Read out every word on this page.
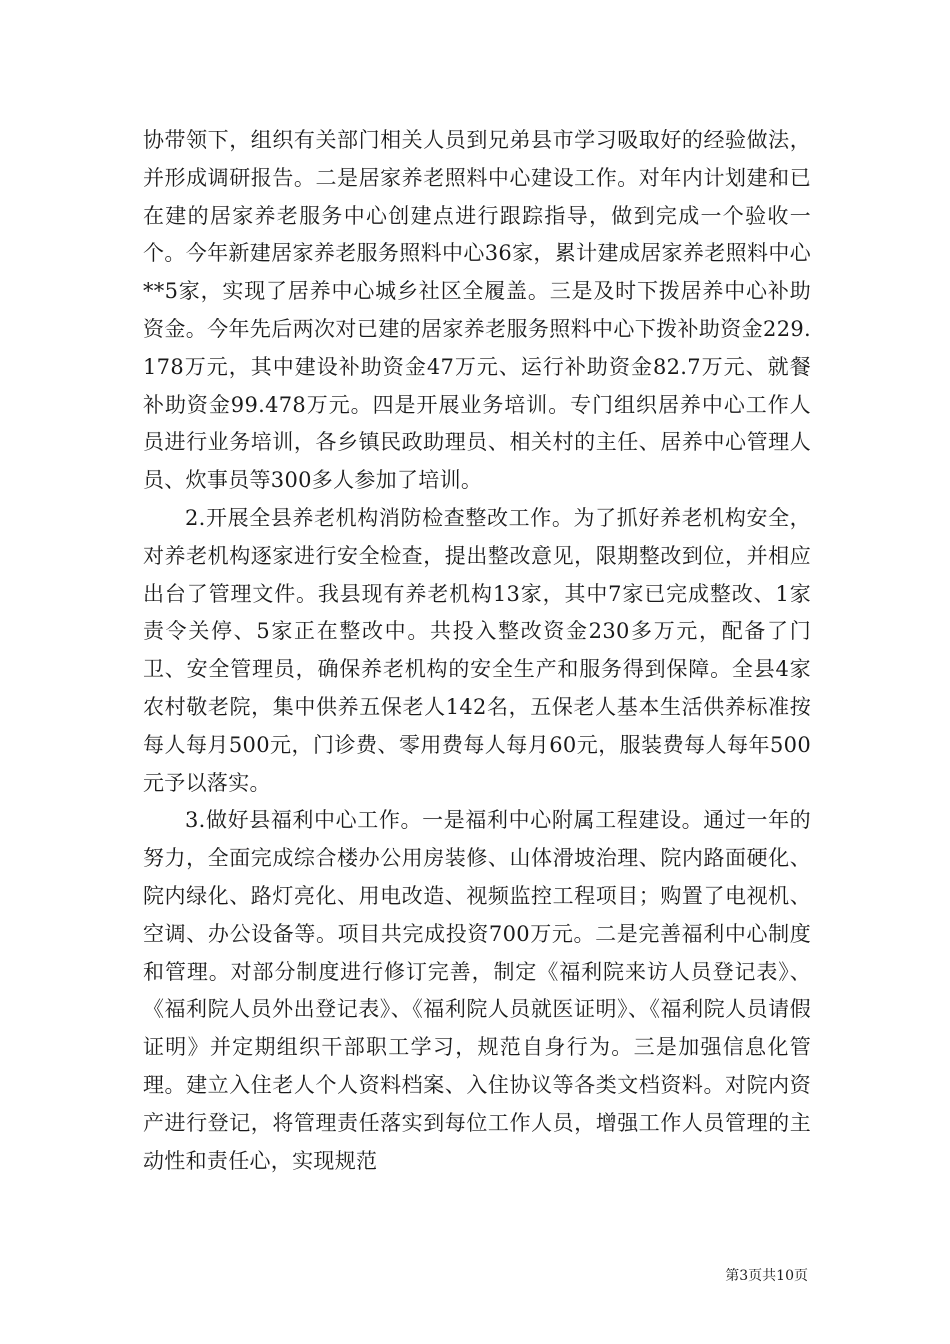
协带领下，组织有关部门相关人员到兄弟县市学习吸取好的经验做法，并形成调研报告。二是居家养老照料中心建设工作。对年内计划建和已在建的居家养老服务中心创建点进行跟踪指导，做到完成一个验收一个。今年新建居家养老服务照料中心36家，累计建成居家养老照料中心**5家，实现了居养中心城乡社区全履盖。三是及时下拨居养中心补助资金。今年先后两次对已建的居家养老服务照料中心下拨补助资金229.178万元，其中建设补助资金47万元、运行补助资金82.7万元、就餐补助资金99.478万元。四是开展业务培训。专门组织居养中心工作人员进行业务培训，各乡镇民政助理员、相关村的主任、居养中心管理人员、炊事员等300多人参加了培训。

2.开展全县养老机构消防检查整改工作。为了抓好养老机构安全，对养老机构逐家进行安全检查，提出整改意见，限期整改到位，并相应出台了管理文件。我县现有养老机构13家，其中7家已完成整改、1家责令关停、5家正在整改中。共投入整改资金230多万元，配备了门卫、安全管理员，确保养老机构的安全生产和服务得到保障。全县4家农村敬老院，集中供养五保老人142名，五保老人基本生活供养标准按每人每月500元，门诊费、零用费每人每月60元，服装费每人每年500元予以落实。

3.做好县福利中心工作。一是福利中心附属工程建设。通过一年的努力，全面完成综合楼办公用房装修、山体滑坡治理、院内路面硬化、院内绿化、路灯亮化、用电改造、视频监控工程项目；购置了电视机、空调、办公设备等。项目共完成投资700万元。二是完善福利中心制度和管理。对部分制度进行修订完善，制定《福利院来访人员登记表》、《福利院人员外出登记表》、《福利院人员就医证明》、《福利院人员请假证明》并定期组织干部职工学习，规范自身行为。三是加强信息化管理。建立入住老人个人资料档案、入住协议等各类文档资料。对院内资产进行登记，将管理责任落实到每位工作人员，增强工作人员管理的主动性和责任心，实现规范

第3页共10页
